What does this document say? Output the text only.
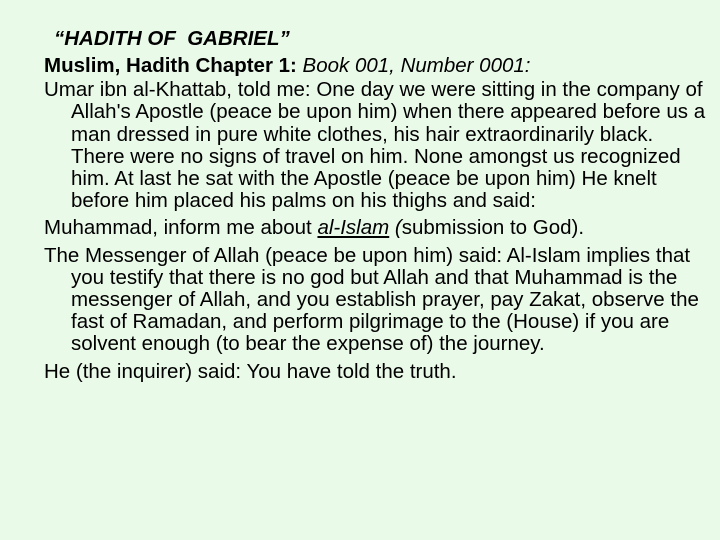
“HADITH OF  GABRIEL”
Muslim, Hadith Chapter 1: Book 001, Number 0001:
Umar ibn al-Khattab, told me: One day we were sitting in the company of Allah's Apostle (peace be upon him) when there appeared before us a man dressed in pure white clothes, his hair extraordinarily black. There were no signs of travel on him. None amongst us recognized him. At last he sat with the Apostle (peace be upon him) He knelt before him placed his palms on his thighs and said:
Muhammad, inform me about al-Islam (submission to God).
The Messenger of Allah (peace be upon him) said: Al-Islam implies that you testify that there is no god but Allah and that Muhammad is the messenger of Allah, and you establish prayer, pay Zakat, observe the fast of Ramadan, and perform pilgrimage to the (House) if you are solvent enough (to bear the expense of) the journey.
He (the inquirer) said: You have told the truth.
